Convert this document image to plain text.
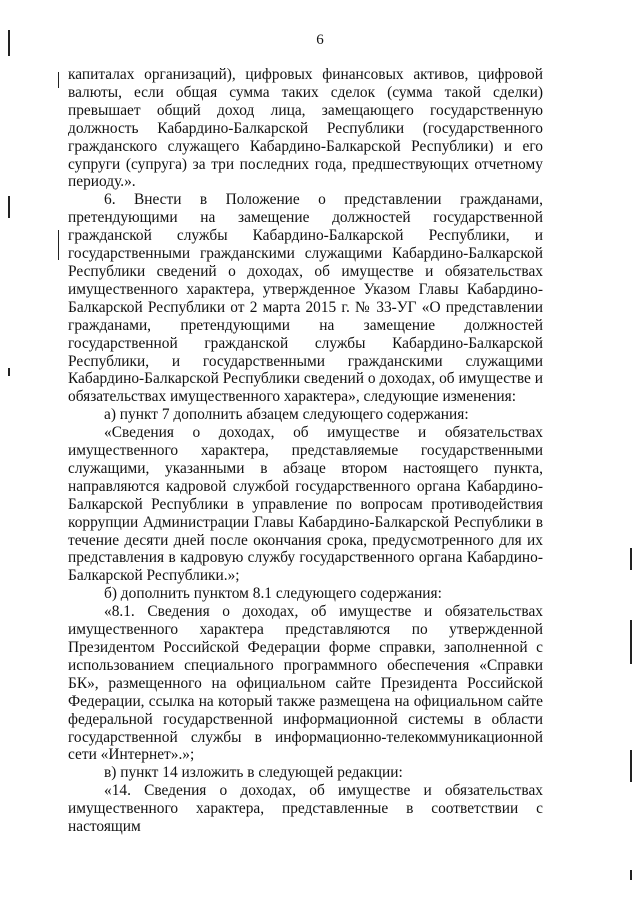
6

капиталах организаций), цифровых финансовых активов, цифровой валюты, если общая сумма таких сделок (сумма такой сделки) превышает общий доход лица, замещающего государственную должность Кабардино-Балкарской Республики (государственного гражданского служащего Кабардино-Балкарской Республики) и его супруги (супруга) за три последних года, предшествующих отчетному периоду.».

6. Внести в Положение о представлении гражданами, претендующими на замещение должностей государственной гражданской службы Кабардино-Балкарской Республики, и государственными гражданскими служащими Кабардино-Балкарской Республики сведений о доходах, об имуществе и обязательствах имущественного характера, утвержденное Указом Главы Кабардино-Балкарской Республики от 2 марта 2015 г. № 33-УГ «О представлении гражданами, претендующими на замещение должностей государственной гражданской службы Кабардино-Балкарской Республики, и государственными гражданскими служащими Кабардино-Балкарской Республики сведений о доходах, об имуществе и обязательствах имущественного характера», следующие изменения:

а) пункт 7 дополнить абзацем следующего содержания:

«Сведения о доходах, об имуществе и обязательствах имущественного характера, представляемые государственными служащими, указанными в абзаце втором настоящего пункта, направляются кадровой службой государственного органа Кабардино-Балкарской Республики в управление по вопросам противодействия коррупции Администрации Главы Кабардино-Балкарской Республики в течение десяти дней после окончания срока, предусмотренного для их представления в кадровую службу государственного органа Кабардино-Балкарской Республики.»;

б) дополнить пунктом 8.1 следующего содержания:

«8.1. Сведения о доходах, об имуществе и обязательствах имущественного характера представляются по утвержденной Президентом Российской Федерации форме справки, заполненной с использованием специального программного обеспечения «Справки БК», размещенного на официальном сайте Президента Российской Федерации, ссылка на который также размещена на официальном сайте федеральной государственной информационной системы в области государственной службы в информационно-телекоммуникационной сети «Интернет».»;

в) пункт 14 изложить в следующей редакции:

«14. Сведения о доходах, об имуществе и обязательствах имущественного характера, представленные в соответствии с настоящим
